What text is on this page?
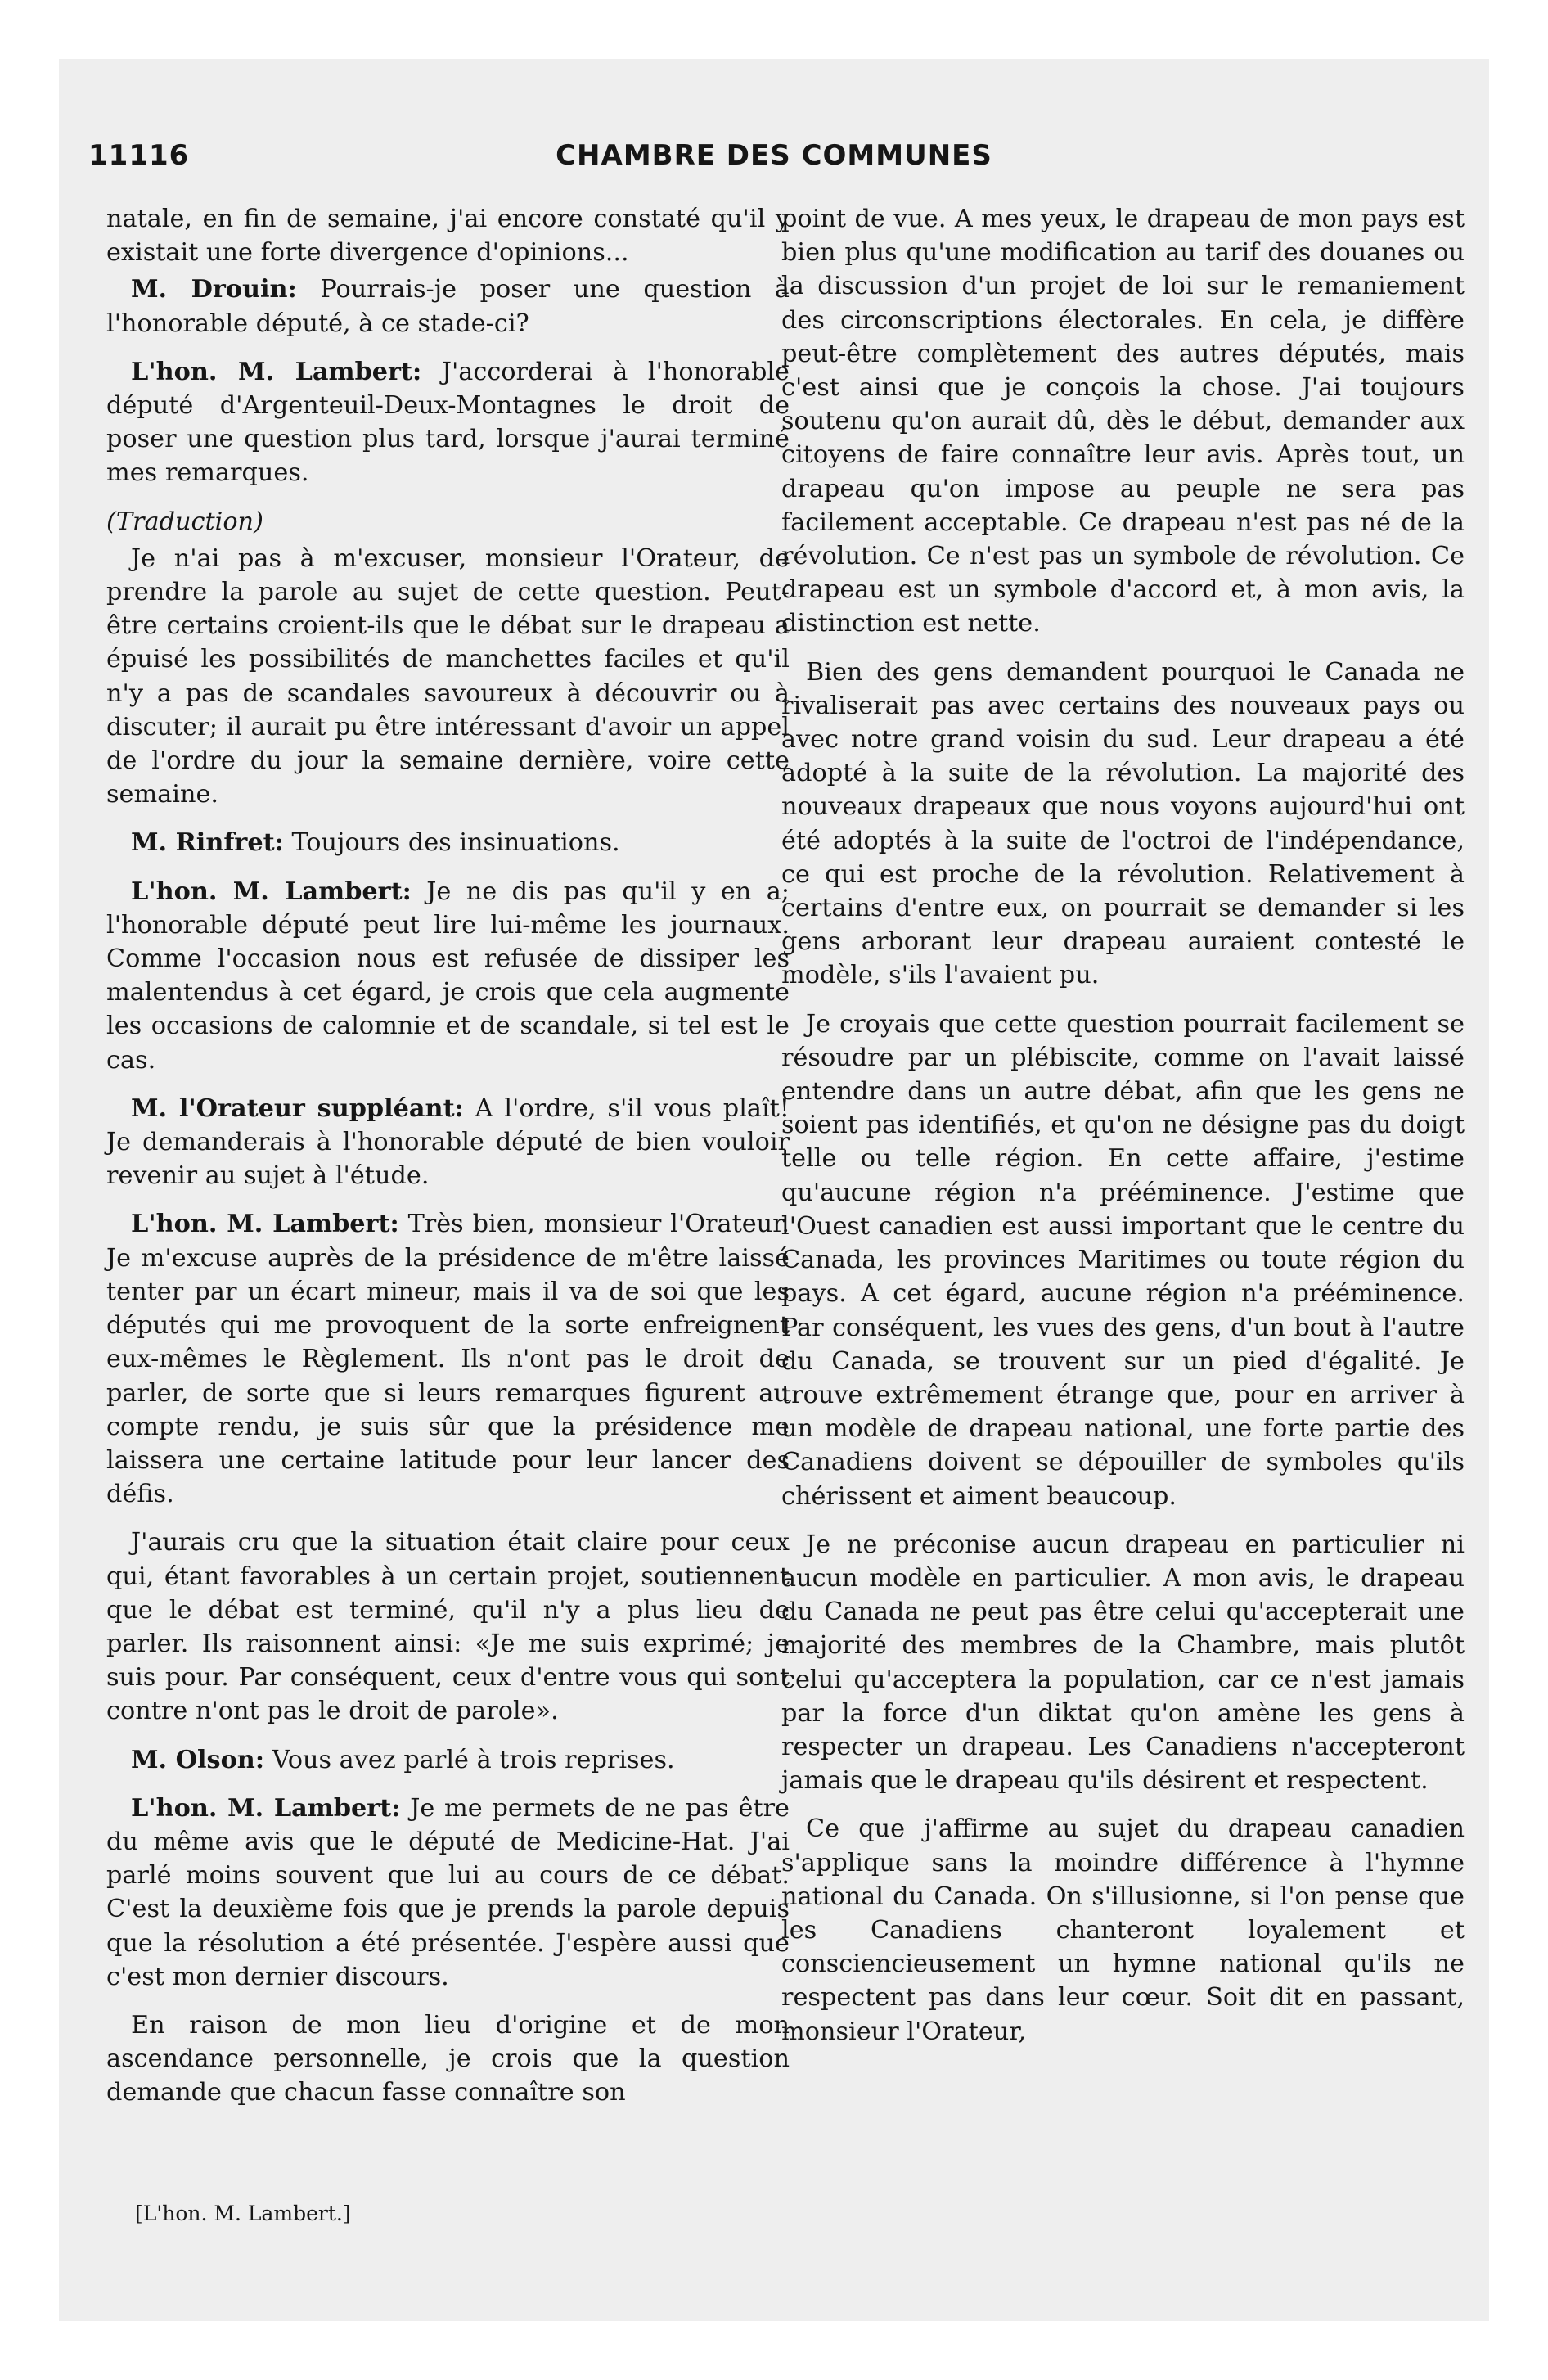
11116	CHAMBRE DES COMMUNES

natale, en fin de semaine, j'ai encore constaté qu'il y existait une forte divergence d'opinions...

M. Drouin: Pourrais-je poser une question à l'honorable député, à ce stade-ci?

L'hon. M. Lambert: J'accorderai à l'honorable député d'Argenteuil-Deux-Montagnes le droit de poser une question plus tard, lorsque j'aurai terminé mes remarques.

(Traduction)

Je n'ai pas à m'excuser, monsieur l'Orateur, de prendre la parole au sujet de cette question. Peut-être certains croient-ils que le débat sur le drapeau a épuisé les possibilités de manchettes faciles et qu'il n'y a pas de scandales savoureux à découvrir ou à discuter; il aurait pu être intéressant d'avoir un appel de l'ordre du jour la semaine dernière, voire cette semaine.

M. Rinfret: Toujours des insinuations.

L'hon. M. Lambert: Je ne dis pas qu'il y en a; l'honorable député peut lire lui-même les journaux. Comme l'occasion nous est refusée de dissiper les malentendus à cet égard, je crois que cela augmente les occasions de calomnie et de scandale, si tel est le cas.

M. l'Orateur suppléant: A l'ordre, s'il vous plaît! Je demanderais à l'honorable député de bien vouloir revenir au sujet à l'étude.

L'hon. M. Lambert: Très bien, monsieur l'Orateur. Je m'excuse auprès de la présidence de m'être laissé tenter par un écart mineur, mais il va de soi que les députés qui me provoquent de la sorte enfreignent eux-mêmes le Règlement. Ils n'ont pas le droit de parler, de sorte que si leurs remarques figurent au compte rendu, je suis sûr que la présidence me laissera une certaine latitude pour leur lancer des défis.

J'aurais cru que la situation était claire pour ceux qui, étant favorables à un certain projet, soutiennent que le débat est terminé, qu'il n'y a plus lieu de parler. Ils raisonnent ainsi: «Je me suis exprimé; je suis pour. Par conséquent, ceux d'entre vous qui sont contre n'ont pas le droit de parole».

M. Olson: Vous avez parlé à trois reprises.

L'hon. M. Lambert: Je me permets de ne pas être du même avis que le député de Medicine-Hat. J'ai parlé moins souvent que lui au cours de ce débat. C'est la deuxième fois que je prends la parole depuis que la résolution a été présentée. J'espère aussi que c'est mon dernier discours.

En raison de mon lieu d'origine et de mon ascendance personnelle, je crois que la question demande que chacun fasse connaître son

point de vue. A mes yeux, le drapeau de mon pays est bien plus qu'une modification au tarif des douanes ou la discussion d'un projet de loi sur le remaniement des circonscriptions électorales. En cela, je diffère peut-être complètement des autres députés, mais c'est ainsi que je conçois la chose. J'ai toujours soutenu qu'on aurait dû, dès le début, demander aux citoyens de faire connaître leur avis. Après tout, un drapeau qu'on impose au peuple ne sera pas facilement acceptable. Ce drapeau n'est pas né de la révolution. Ce n'est pas un symbole de révolution. Ce drapeau est un symbole d'accord et, à mon avis, la distinction est nette.

Bien des gens demandent pourquoi le Canada ne rivaliserait pas avec certains des nouveaux pays ou avec notre grand voisin du sud. Leur drapeau a été adopté à la suite de la révolution. La majorité des nouveaux drapeaux que nous voyons aujourd'hui ont été adoptés à la suite de l'octroi de l'indépendance, ce qui est proche de la révolution. Relativement à certains d'entre eux, on pourrait se demander si les gens arborant leur drapeau auraient contesté le modèle, s'ils l'avaient pu.

Je croyais que cette question pourrait facilement se résoudre par un plébiscite, comme on l'avait laissé entendre dans un autre débat, afin que les gens ne soient pas identifiés, et qu'on ne désigne pas du doigt telle ou telle région. En cette affaire, j'estime qu'aucune région n'a prééminence. J'estime que l'Ouest canadien est aussi important que le centre du Canada, les provinces Maritimes ou toute région du pays. A cet égard, aucune région n'a prééminence. Par conséquent, les vues des gens, d'un bout à l'autre du Canada, se trouvent sur un pied d'égalité. Je trouve extrêmement étrange que, pour en arriver à un modèle de drapeau national, une forte partie des Canadiens doivent se dépouiller de symboles qu'ils chérissent et aiment beaucoup.

Je ne préconise aucun drapeau en particulier ni aucun modèle en particulier. A mon avis, le drapeau du Canada ne peut pas être celui qu'accepterait une majorité des membres de la Chambre, mais plutôt celui qu'acceptera la population, car ce n'est jamais par la force d'un diktat qu'on amène les gens à respecter un drapeau. Les Canadiens n'accepteront jamais que le drapeau qu'ils désirent et respectent.

Ce que j'affirme au sujet du drapeau canadien s'applique sans la moindre différence à l'hymne national du Canada. On s'illusionne, si l'on pense que les Canadiens chanteront loyalement et consciencieusement un hymne national qu'ils ne respectent pas dans leur cœur. Soit dit en passant, monsieur l'Orateur,

[L'hon. M. Lambert.]
